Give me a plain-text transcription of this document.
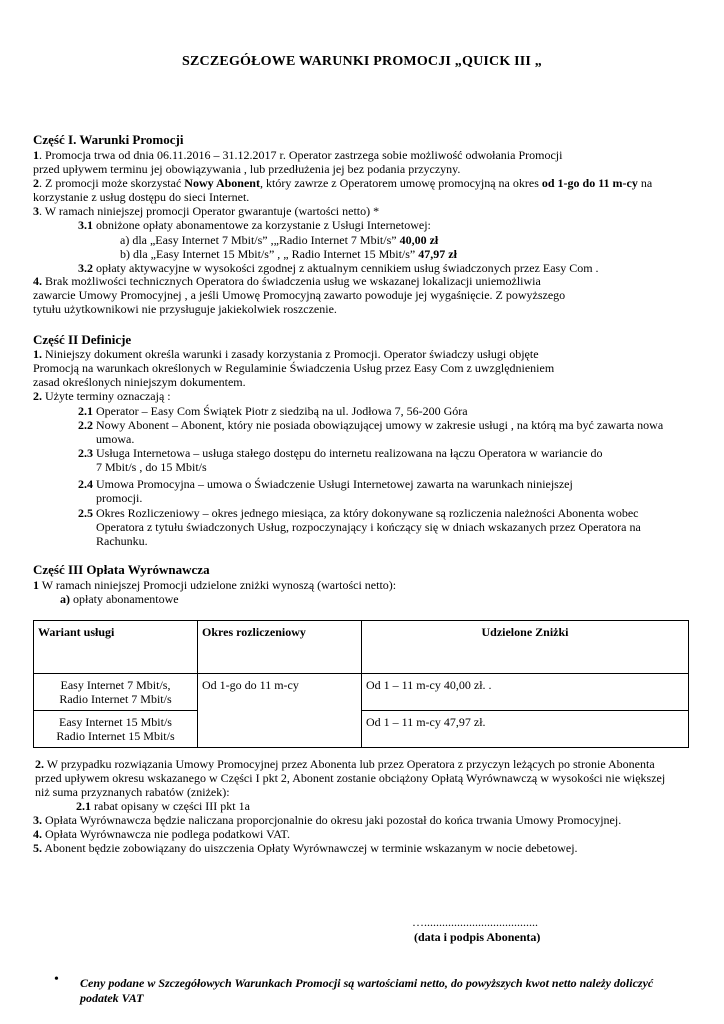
SZCZEGÓŁOWE WARUNKI PROMOCJI „QUICK III „
Część I. Warunki Promocji
1. Promocja trwa od dnia 06.11.2016 – 31.12.2017 r. Operator zastrzega sobie możliwość odwołania Promocji
przed upływem terminu jej obowiązywania , lub przedłużenia jej bez podania przyczyny.
2. Z promocji może skorzystać Nowy Abonent, który zawrze z Operatorem umowę promocyjną na okres od 1-go do 11 m-cy na
korzystanie z usług dostępu do sieci Internet.
3. W ramach niniejszej promocji Operator gwarantuje (wartości netto) *
3.1 obniżone opłaty abonamentowe za korzystanie z Usługi Internetowej:
a) dla „Easy Internet 7 Mbit/s” ,„Radio Internet 7 Mbit/s” 40,00 zł
b) dla „Easy Internet 15 Mbit/s” , „ Radio Internet 15 Mbit/s” 47,97 zł
3.2 opłaty aktywacyjne w wysokości zgodnej z aktualnym cennikiem usług świadczonych przez Easy Com .
4. Brak możliwości technicznych Operatora do świadczenia usług we wskazanej lokalizacji uniemożliwia
zawarcie Umowy Promocyjnej , a jeśli Umowę Promocyjną zawarto powoduje jej wygaśnięcie. Z powyższego
tytułu użytkownikowi nie przysługuje jakiekolwiek roszczenie.
Część II Definicje
1. Niniejszy dokument określa warunki i zasady korzystania z Promocji. Operator świadczy usługi objęte
Promocją na warunkach określonych w Regulaminie Świadczenia Usług przez Easy Com z uwzględnieniem
zasad określonych niniejszym dokumentem.
2. Użyte terminy oznaczają :
2.1 Operator – Easy Com Świątek Piotr z siedzibą na ul. Jodłowa 7, 56-200 Góra
2.2 Nowy Abonent – Abonent, który nie posiada obowiązującej umowy w zakresie usługi , na którą ma być zawarta nowa
umowa.
2.3 Usługa Internetowa – usługa stałego dostępu do internetu realizowana na łączu Operatora w wariancie do
7 Mbit/s , do 15 Mbit/s
2.4 Umowa Promocyjna – umowa o Świadczenie Usługi Internetowej zawarta na warunkach niniejszej
promocji.
2.5 Okres Rozliczeniowy – okres jednego miesiąca, za który dokonywane są rozliczenia należności Abonenta wobec
Operatora z tytułu świadczonych Usług, rozpoczynający i kończący się w dniach wskazanych przez Operatora na
Rachunku.
Część III Opłata Wyrównawcza
1 W ramach niniejszej Promocji udzielone zniżki wynoszą (wartości netto):
a) opłaty abonamentowe
Wariant usługi	Okres rozliczeniowy	Udzielone Zniżki

Easy Internet 7 Mbit/s,
Radio Internet 7 Mbit/s	Od 1-go do 11 m-cy	Od 1 – 11 m-cy 40,00 zł. .

Easy Internet 15 Mbit/s
Radio Internet 15 Mbit/s		Od 1 – 11 m-cy 47,97 zł.
2. W przypadku rozwiązania Umowy Promocyjnej przez Abonenta lub przez Operatora z przyczyn leżących po stronie Abonenta
przed upływem okresu wskazanego w Części I pkt 2, Abonent zostanie obciążony Opłatą Wyrównawczą w wysokości nie większej
niż suma przyznanych rabatów (zniżek):
2.1 rabat opisany w części III pkt 1a
3. Opłata Wyrównawcza będzie naliczana proporcjonalnie do okresu jaki pozostał do końca trwania Umowy Promocyjnej.
4. Opłata Wyrównawcza nie podlega podatkowi VAT.
5. Abonent będzie zobowiązany do uiszczenia Opłaty Wyrównawczej w terminie wskazanym w nocie debetowej.
…......................................
(data i podpis Abonenta)
• Ceny podane w Szczegółowych Warunkach Promocji są wartościami netto, do powyższych kwot netto należy doliczyć podatek VAT
